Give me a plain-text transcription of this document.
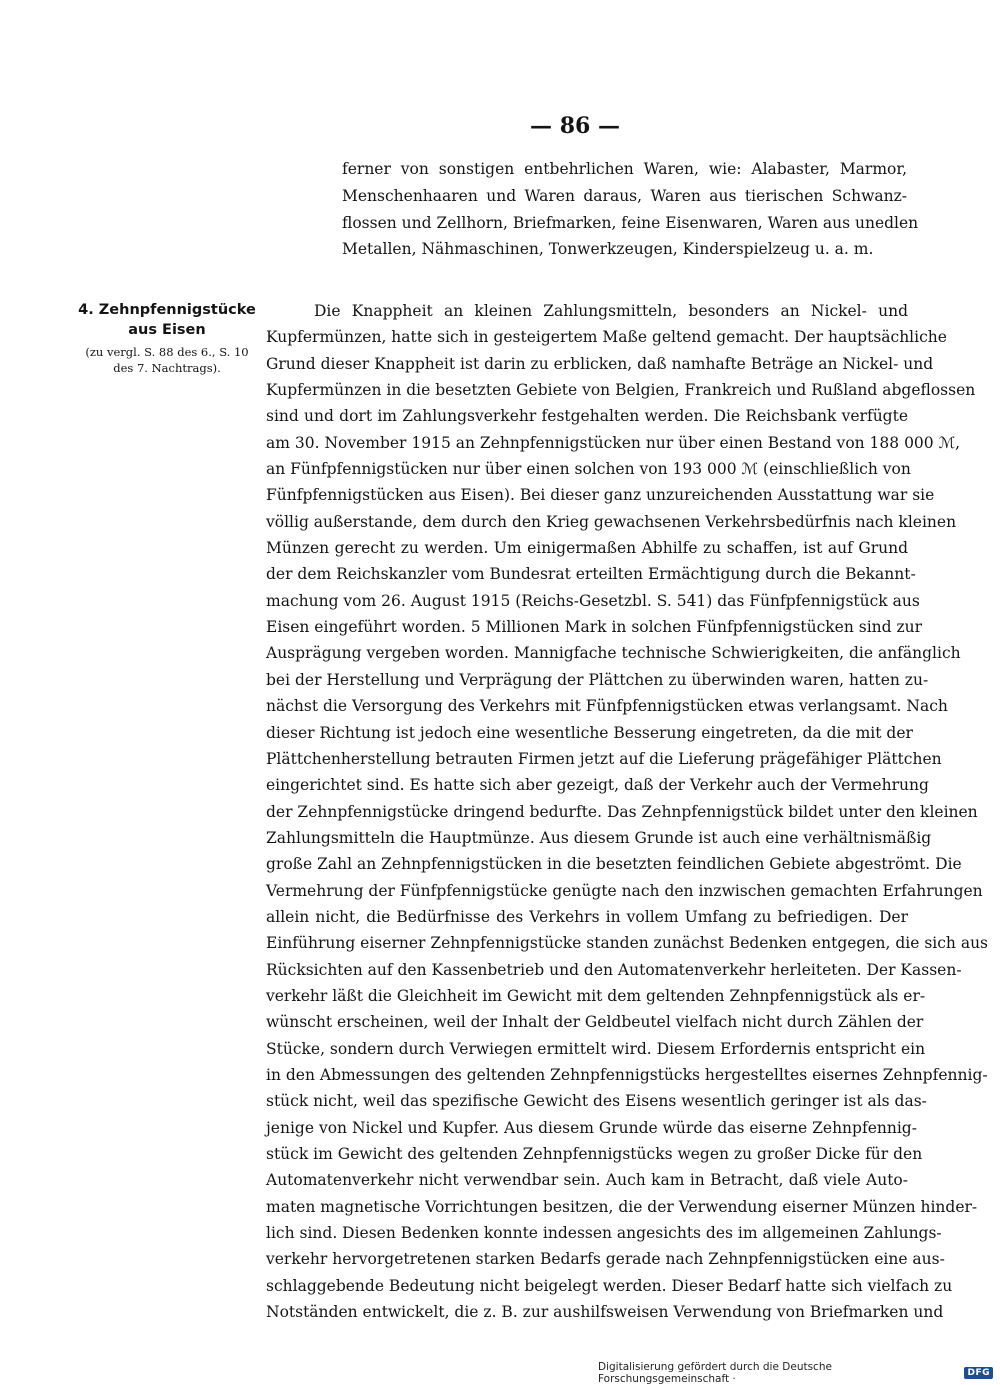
— 86 —
ferner von sonstigen entbehrlichen Waren, wie: Alabaster, Marmor,
Menschenhaaren und Waren daraus, Waren aus tierischen Schwanz-
flossen und Zellhorn, Briefmarken, feine Eisenwaren, Waren aus unedlen
Metallen, Nähmaschinen, Tonwerkzeugen, Kinderspielzeug u. a. m.
4. Zehnpfennigstücke
aus Eisen
(zu vergl. S. 88 des 6., S. 10
des 7. Nachtrags).
Die Knappheit an kleinen Zahlungsmitteln, besonders an Nickel- und
Kupfermünzen, hatte sich in gesteigertem Maße geltend gemacht. Der hauptsächliche
Grund dieser Knappheit ist darin zu erblicken, daß namhafte Beträge an Nickel- und
Kupfermünzen in die besetzten Gebiete von Belgien, Frankreich und Rußland abgeflossen
sind und dort im Zahlungsverkehr festgehalten werden. Die Reichsbank verfügte
am 30. November 1915 an Zehnpfennigstücken nur über einen Bestand von 188 000 ℳ,
an Fünfpfennigstücken nur über einen solchen von 193 000 ℳ (einschließlich von
Fünfpfennigstücken aus Eisen). Bei dieser ganz unzureichenden Ausstattung war sie
völlig außerstande, dem durch den Krieg gewachsenen Verkehrsbedürfnis nach kleinen
Münzen gerecht zu werden. Um einigermaßen Abhilfe zu schaffen, ist auf Grund
der dem Reichskanzler vom Bundesrat erteilten Ermächtigung durch die Bekannt-
machung vom 26. August 1915 (Reichs-Gesetzbl. S. 541) das Fünfpfennigstück aus
Eisen eingeführt worden. 5 Millionen Mark in solchen Fünfpfennigstücken sind zur
Ausprägung vergeben worden. Mannigfache technische Schwierigkeiten, die anfänglich
bei der Herstellung und Verprägung der Plättchen zu überwinden waren, hatten zu-
nächst die Versorgung des Verkehrs mit Fünfpfennigstücken etwas verlangsamt. Nach
dieser Richtung ist jedoch eine wesentliche Besserung eingetreten, da die mit der
Plättchenherstellung betrauten Firmen jetzt auf die Lieferung prägefähiger Plättchen
eingerichtet sind. Es hatte sich aber gezeigt, daß der Verkehr auch der Vermehrung
der Zehnpfennigstücke dringend bedurfte. Das Zehnpfennigstück bildet unter den kleinen
Zahlungsmitteln die Hauptmünze. Aus diesem Grunde ist auch eine verhältnismäßig
große Zahl an Zehnpfennigstücken in die besetzten feindlichen Gebiete abgeströmt. Die
Vermehrung der Fünfpfennigstücke genügte nach den inzwischen gemachten Erfahrungen
allein nicht, die Bedürfnisse des Verkehrs in vollem Umfang zu befriedigen. Der
Einführung eiserner Zehnpfennigstücke standen zunächst Bedenken entgegen, die sich aus
Rücksichten auf den Kassenbetrieb und den Automatenverkehr herleiteten. Der Kassen-
verkehr läßt die Gleichheit im Gewicht mit dem geltenden Zehnpfennigstück als er-
wünscht erscheinen, weil der Inhalt der Geldbeutel vielfach nicht durch Zählen der
Stücke, sondern durch Verwiegen ermittelt wird. Diesem Erfordernis entspricht ein
in den Abmessungen des geltenden Zehnpfennigstücks hergestelltes eisernes Zehnpfennig-
stück nicht, weil das spezifische Gewicht des Eisens wesentlich geringer ist als das-
jenige von Nickel und Kupfer. Aus diesem Grunde würde das eiserne Zehnpfennig-
stück im Gewicht des geltenden Zehnpfennigstücks wegen zu großer Dicke für den
Automatenverkehr nicht verwendbar sein. Auch kam in Betracht, daß viele Auto-
maten magnetische Vorrichtungen besitzen, die der Verwendung eiserner Münzen hinder-
lich sind. Diesen Bedenken konnte indessen angesichts des im allgemeinen Zahlungs-
verkehr hervorgetretenen starken Bedarfs gerade nach Zehnpfennigstücken eine aus-
schlaggebende Bedeutung nicht beigelegt werden. Dieser Bedarf hatte sich vielfach zu
Notständen entwickelt, die z. B. zur aushilfsweisen Verwendung von Briefmarken und
Digitalisierung gefördert durch die Deutsche Forschungsgemeinschaft ·	DFG
